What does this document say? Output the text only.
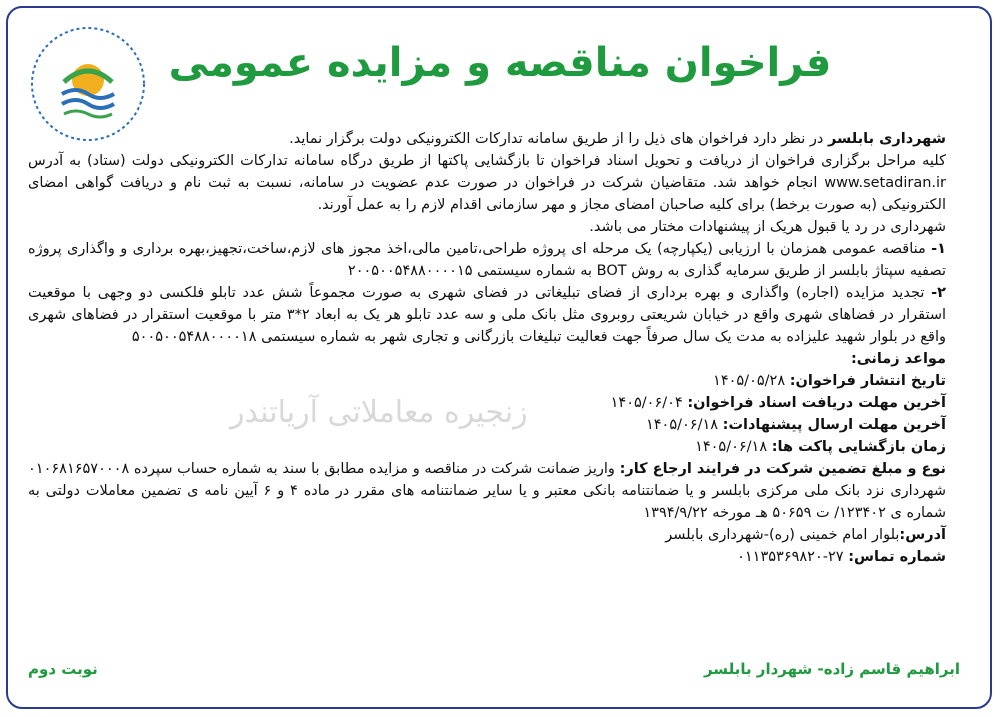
فراخوان مناقصه و مزایده عمومی

شهرداری بابلسر در نظر دارد فراخوان های ذیل را از طریق سامانه تدارکات الکترونیکی دولت برگزار نماید.

کلیه مراحل برگزاری فراخوان از دریافت و تحویل اسناد فراخوان تا بازگشایی پاکتها از طریق درگاه سامانه تدارکات الکترونیکی دولت (ستاد) به آدرس www.setadiran.ir انجام خواهد شد. متقاضیان شرکت در فراخوان در صورت عدم عضویت در سامانه، نسبت به ثبت نام و دریافت گواهی امضای الکترونیکی (به صورت برخط) برای کلیه صاحبان امضای مجاز و مهر سازمانی اقدام لازم را به عمل آورند.

شهرداری در رد یا قبول هریک از پیشنهادات مختار می باشد.

۱- مناقصه عمومی همزمان با ارزیابی (یکپارچه) یک مرحله ای پروژه طراحی،تامین مالی،اخذ مجوز های لازم،ساخت،تجهیز،بهره برداری و واگذاری پروژه تصفیه سپتاژ بابلسر از طریق سرمایه گذاری به روش BOT به شماره سیستمی ۲۰۰۵۰۰۵۴۸۸۰۰۰۰۱۵

۲- تجدید مزایده (اجاره) واگذاری و بهره برداری از فضای تبلیغاتی در فضای شهری به صورت مجموعاً شش عدد تابلو فلکسی دو وجهی با موقعیت استقرار در فضاهای شهری واقع در خیابان شریعتی روبروی مثل بانک ملی و سه عدد تابلو هر یک به ابعاد ۲*۳ متر با موقعیت استقرار در فضاهای شهری واقع در بلوار شهید علیزاده به مدت یک سال صرفاً جهت فعالیت تبلیغات بازرگانی و تجاری شهر به شماره سیستمی ۵۰۰۵۰۰۵۴۸۸۰۰۰۰۱۸

مواعد زمانی:

تاریخ انتشار فراخوان: ۱۴۰۵/۰۵/۲۸

آخرین مهلت دریافت اسناد فراخوان: ۱۴۰۵/۰۶/۰۴

آخرین مهلت ارسال پیشنهادات: ۱۴۰۵/۰۶/۱۸

زمان بازگشایی پاکت ها: ۱۴۰۵/۰۶/۱۸

نوع و مبلغ تضمین شرکت در فرایند ارجاع کار: واریز ضمانت شرکت در مناقصه و مزایده مطابق با سند به شماره حساب سپرده ۰۱۰۶۸۱۶۵۷۰۰۰۸ شهرداری نزد بانک ملی مرکزی بابلسر و یا ضمانتنامه بانکی معتبر و یا سایر ضمانتنامه های مقرر در ماده ۴ و ۶ آیین نامه ی تضمین معاملات دولتی به شماره ی ۱۲۳۴۰۲/ ت ۵۰۶۵۹ هـ مورخه ۱۳۹۴/۹/۲۲

آدرس:بلوار امام خمینی (ره)-شهرداری بابلسر

شماره تماس: ۲۷-۰۱۱۳۵۳۶۹۸۲۰

زنجیره معاملاتی آریاتندر
ابراهیم قاسم زاده- شهردار بابلسر
نوبت دوم
